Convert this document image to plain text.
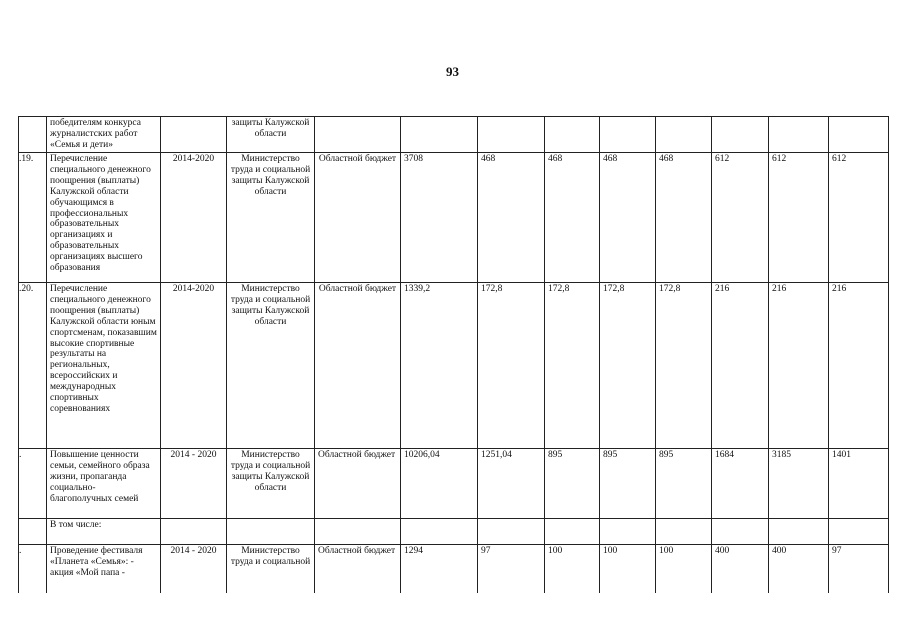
93
	победителям конкурса журналистских работ «Семья и дети»		защиты Калужской области									
.19.	Перечисление специального денежного поощрения (выплаты) Калужской области обучающимся в профессиональных образовательных организациях и образовательных организациях высшего образования	2014-2020	Министерство труда и социальной защиты Калужской области	Областной бюджет	3708	468	468	468	468	612	612	612
.20.	Перечисление специального денежного поощрения (выплаты) Калужской области юным спортсменам, показавшим высокие спортивные результаты на региональных, всероссийских и международных спортивных соревнованиях	2014-2020	Министерство труда и социальной защиты Калужской области	Областной бюджет	1339,2	172,8	172,8	172,8	172,8	216	216	216
.	Повышение ценности семьи, семейного образа жизни, пропаганда социально-благополучных семей	2014 - 2020	Министерство труда и социальной защиты Калужской области	Областной бюджет	10206,04	1251,04	895	895	895	1684	3185	1401
	В том числе:											
.	Проведение фестиваля «Планета «Семья»: - акция «Мой папа -	2014 - 2020	Министерство труда и социальной	Областной бюджет	1294	97	100	100	100	400	400	97
